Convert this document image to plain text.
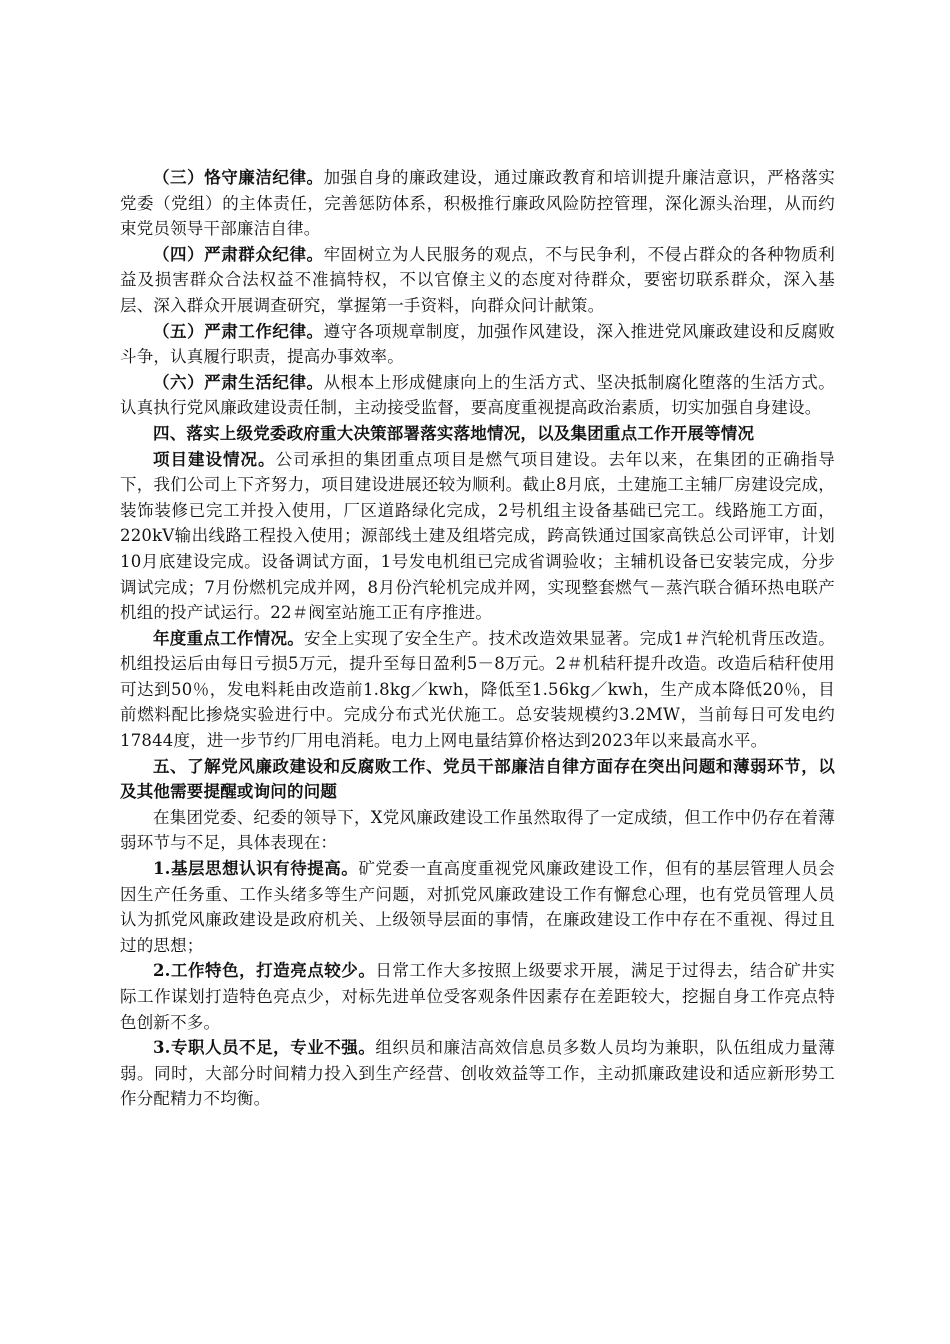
（三）恪守廉洁纪律。加强自身的廉政建设，通过廉政教育和培训提升廉洁意识，严格落实党委（党组）的主体责任，完善惩防体系，积极推行廉政风险防控管理，深化源头治理，从而约束党员领导干部廉洁自律。

（四）严肃群众纪律。牢固树立为人民服务的观点，不与民争利，不侵占群众的各种物质利益及损害群众合法权益不准搞特权，不以官僚主义的态度对待群众，要密切联系群众，深入基层、深入群众开展调查研究，掌握第一手资料，向群众问计献策。

（五）严肃工作纪律。遵守各项规章制度，加强作风建设，深入推进党风廉政建设和反腐败斗争，认真履行职责，提高办事效率。

（六）严肃生活纪律。从根本上形成健康向上的生活方式、坚决抵制腐化堕落的生活方式。认真执行党风廉政建设责任制，主动接受监督，要高度重视提高政治素质，切实加强自身建设。

四、落实上级党委政府重大决策部署落实落地情况，以及集团重点工作开展等情况

项目建设情况。公司承担的集团重点项目是燃气项目建设。去年以来，在集团的正确指导下，我们公司上下齐努力，项目建设进展还较为顺利。截止8月底，土建施工主辅厂房建设完成，装饰装修已完工并投入使用，厂区道路绿化完成，2号机组主设备基础已完工。线路施工方面，220kV输出线路工程投入使用；源部线土建及组塔完成，跨高铁通过国家高铁总公司评审，计划10月底建设完成。设备调试方面，1号发电机组已完成省调验收；主辅机设备已安装完成，分步调试完成；7月份燃机完成并网，8月份汽轮机完成并网，实现整套燃气－蒸汽联合循环热电联产机组的投产试运行。22＃阀室站施工正有序推进。

年度重点工作情况。安全上实现了安全生产。技术改造效果显著。完成1＃汽轮机背压改造。机组投运后由每日亏损5万元，提升至每日盈利5－8万元。2＃机秸秆提升改造。改造后秸秆使用可达到50％，发电料耗由改造前1.8kg／kwh，降低至1.56kg／kwh，生产成本降低20％，目前燃料配比掺烧实验进行中。完成分布式光伏施工。总安装规模约3.2MW，当前每日可发电约17844度，进一步节约厂用电消耗。电力上网电量结算价格达到2023年以来最高水平。

五、了解党风廉政建设和反腐败工作、党员干部廉洁自律方面存在突出问题和薄弱环节，以及其他需要提醒或询问的问题

在集团党委、纪委的领导下，X党风廉政建设工作虽然取得了一定成绩，但工作中仍存在着薄弱环节与不足，具体表现在：

1.基层思想认识有待提高。矿党委一直高度重视党风廉政建设工作，但有的基层管理人员会因生产任务重、工作头绪多等生产问题，对抓党风廉政建设工作有懈怠心理，也有党员管理人员认为抓党风廉政建设是政府机关、上级领导层面的事情，在廉政建设工作中存在不重视、得过且过的思想；

2.工作特色，打造亮点较少。日常工作大多按照上级要求开展，满足于过得去，结合矿井实际工作谋划打造特色亮点少，对标先进单位受客观条件因素存在差距较大，挖掘自身工作亮点特色创新不多。

3.专职人员不足，专业不强。组织员和廉洁高效信息员多数人员均为兼职，队伍组成力量薄弱。同时，大部分时间精力投入到生产经营、创收效益等工作，主动抓廉政建设和适应新形势工作分配精力不均衡。
